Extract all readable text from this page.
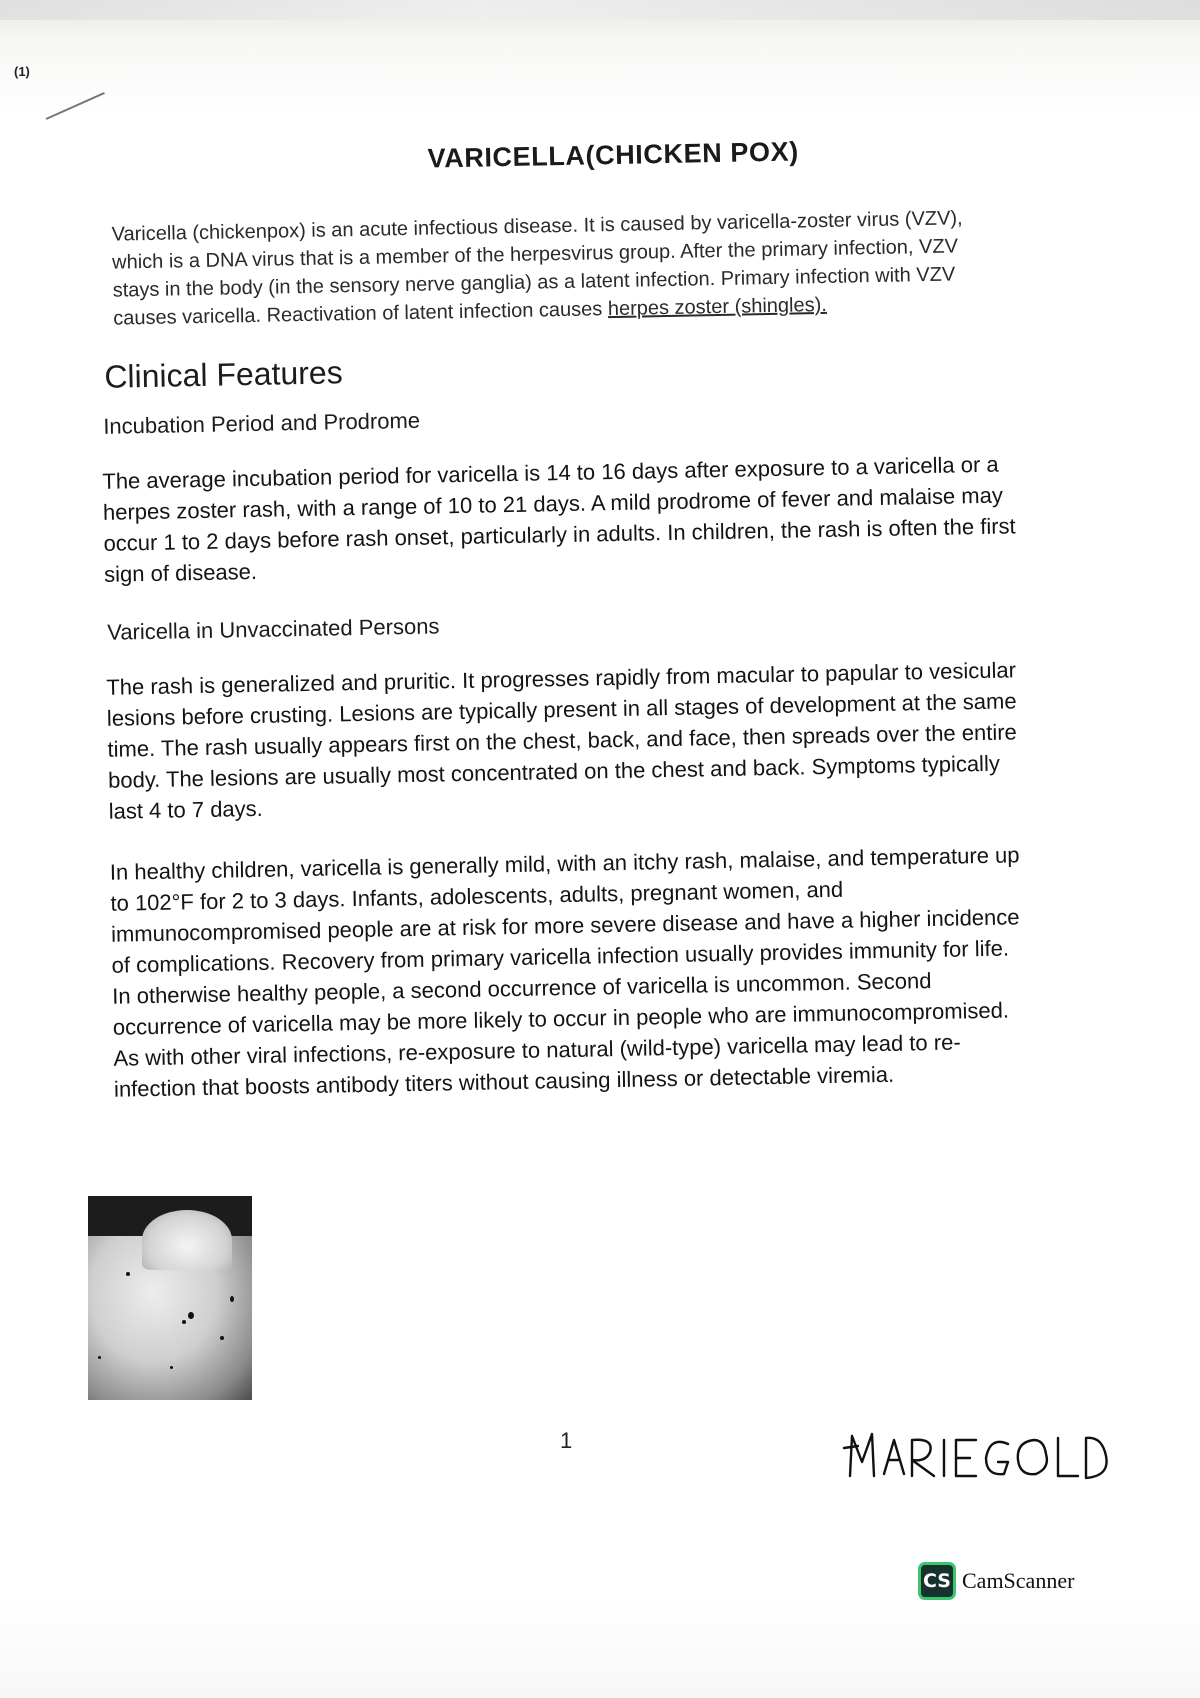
(1)
VARICELLA(CHICKEN POX)

Varicella (chickenpox) is an acute infectious disease. It is caused by varicella-zoster virus (VZV), which is a DNA virus that is a member of the herpesvirus group. After the primary infection, VZV stays in the body (in the sensory nerve ganglia) as a latent infection. Primary infection with VZV causes varicella. Reactivation of latent infection causes herpes zoster (shingles).

Clinical Features
Incubation Period and Prodrome

The average incubation period for varicella is 14 to 16 days after exposure to a varicella or a herpes zoster rash, with a range of 10 to 21 days. A mild prodrome of fever and malaise may occur 1 to 2 days before rash onset, particularly in adults. In children, the rash is often the first sign of disease.

Varicella in Unvaccinated Persons

The rash is generalized and pruritic. It progresses rapidly from macular to papular to vesicular lesions before crusting. Lesions are typically present in all stages of development at the same time. The rash usually appears first on the chest, back, and face, then spreads over the entire body. The lesions are usually most concentrated on the chest and back. Symptoms typically last 4 to 7 days.

In healthy children, varicella is generally mild, with an itchy rash, malaise, and temperature up to 102°F for 2 to 3 days. Infants, adolescents, adults, pregnant women, and immunocompromised people are at risk for more severe disease and have a higher incidence of complications. Recovery from primary varicella infection usually provides immunity for life. In otherwise healthy people, a second occurrence of varicella is uncommon. Second occurrence of varicella may be more likely to occur in people who are immunocompromised. As with other viral infections, re-exposure to natural (wild-type) varicella may lead to re-infection that boosts antibody titers without causing illness or detectable viremia.

1
CS CamScanner
